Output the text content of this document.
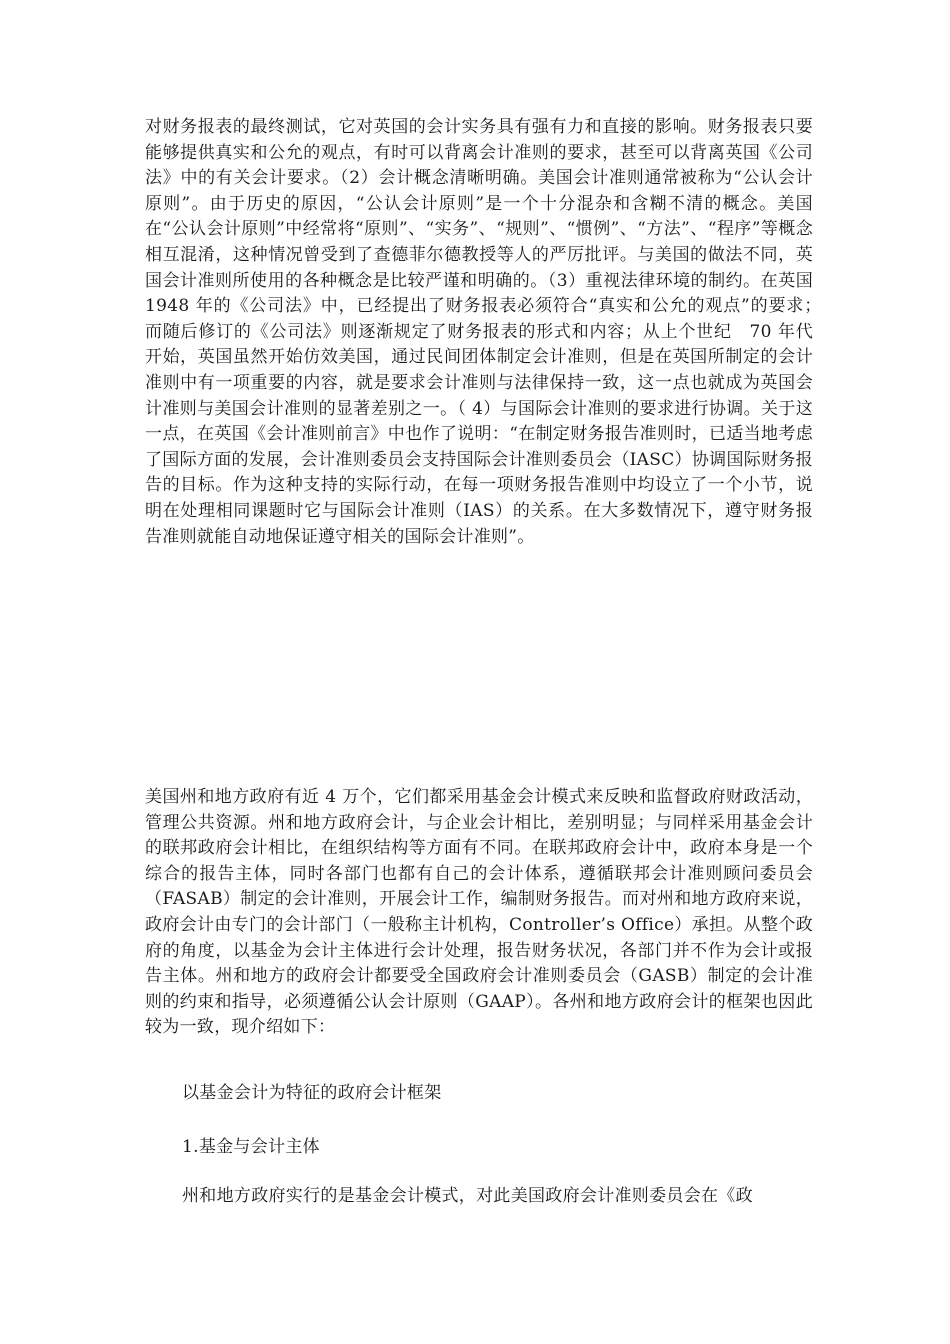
对财务报表的最终测试，它对英国的会计实务具有强有力和直接的影响。财务报表只要能够提供真实和公允的观点，有时可以背离会计准则的要求，甚至可以背离英国《公司法》中的有关会计要求。（2）会计概念清晰明确。美国会计准则通常被称为“公认会计原则”。由于历史的原因，“公认会计原则”是一个十分混杂和含糊不清的概念。美国在“公认会计原则”中经常将“原则”、“实务”、“规则”、“惯例”、“方法”、“程序”等概念相互混淆，这种情况曾受到了查德菲尔德教授等人的严厉批评。与美国的做法不同，英国会计准则所使用的各种概念是比较严谨和明确的。（3）重视法律环境的制约。在英国 1948 年的《公司法》中，已经提出了财务报表必须符合“真实和公允的观点”的要求；　而随后修订的《公司法》则逐渐规定了财务报表的形式和内容；从上个世纪　70 年代开始，英国虽然开始仿效美国，通过民间团体制定会计准则，但是在英国所制定的会计准则中有一项重要的内容，就是要求会计准则与法律保持一致，这一点也就成为英国会计准则与美国会计准则的显著差别之一。（ 4）与国际会计准则的要求进行协调。关于这一点，在英国《会计准则前言》中也作了说明：“在制定财务报告准则时，已适当地考虑了国际方面的发展，会计准则委员会支持国际会计准则委员会（IASC）协调国际财务报告的目标。作为这种支持的实际行动，在每一项财务报告准则中均设立了一个小节，说明在处理相同课题时它与国际会计准则（IAS）的关系。在大多数情况下，遵守财务报告准则就能自动地保证遵守相关的国际会计准则”。

美国州和地方政府有近 4 万个，它们都采用基金会计模式来反映和监督政府财政活动，管理公共资源。州和地方政府会计，与企业会计相比，差别明显；与同样采用基金会计的联邦政府会计相比，在组织结构等方面有不同。在联邦政府会计中，政府本身是一个综合的报告主体，同时各部门也都有自己的会计体系，遵循联邦会计准则顾问委员会（FASAB）制定的会计准则，开展会计工作，编制财务报告。而对州和地方政府来说，政府会计由专门的会计部门（一般称主计机构，Controller’s Office）承担。从整个政府的角度，以基金为会计主体进行会计处理，报告财务状况，各部门并不作为会计或报告主体。州和地方的政府会计都要受全国政府会计准则委员会（GASB）制定的会计准则的约束和指导，必须遵循公认会计原则（GAAP）。各州和地方政府会计的框架也因此较为一致，现介绍如下：

以基金会计为特征的政府会计框架

1.基金与会计主体

州和地方政府实行的是基金会计模式，对此美国政府会计准则委员会在《政
